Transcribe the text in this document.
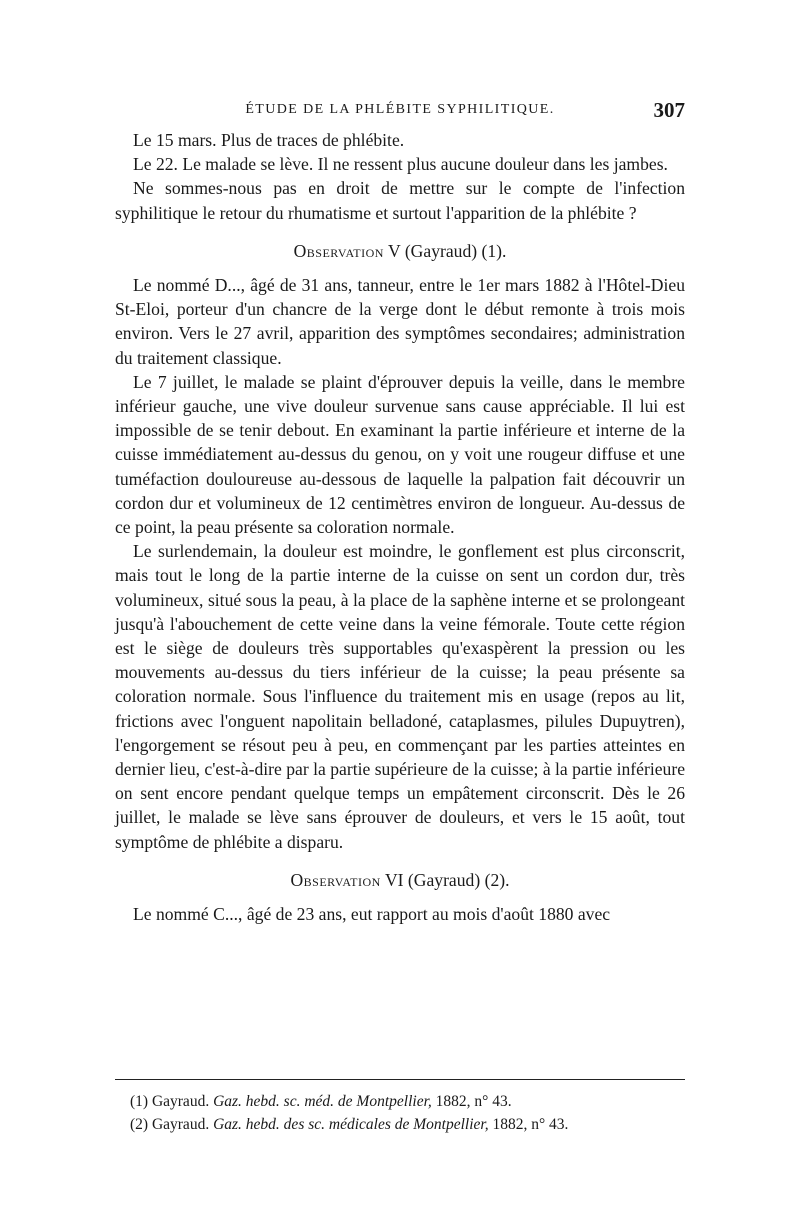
ÉTUDE DE LA PHLÉBITE SYPHILITIQUE.	307

Le 15 mars. Plus de traces de phlébite.

Le 22. Le malade se lève. Il ne ressent plus aucune douleur dans les jambes.

Ne sommes-nous pas en droit de mettre sur le compte de l'infection syphilitique le retour du rhumatisme et surtout l'apparition de la phlébite ?

Observation V (Gayraud) (1).

Le nommé D..., âgé de 31 ans, tanneur, entre le 1er mars 1882 à l'Hôtel-Dieu St-Eloi, porteur d'un chancre de la verge dont le début remonte à trois mois environ. Vers le 27 avril, apparition des symptômes secondaires; administration du traitement classique.

Le 7 juillet, le malade se plaint d'éprouver depuis la veille, dans le membre inférieur gauche, une vive douleur survenue sans cause appréciable. Il lui est impossible de se tenir debout. En examinant la partie inférieure et interne de la cuisse immédiatement au-dessus du genou, on y voit une rougeur diffuse et une tuméfaction douloureuse au-dessous de laquelle la palpation fait découvrir un cordon dur et volumineux de 12 centimètres environ de longueur. Au-dessus de ce point, la peau présente sa coloration normale.

Le surlendemain, la douleur est moindre, le gonflement est plus circonscrit, mais tout le long de la partie interne de la cuisse on sent un cordon dur, très volumineux, situé sous la peau, à la place de la saphène interne et se prolongeant jusqu'à l'abouchement de cette veine dans la veine fémorale. Toute cette région est le siège de douleurs très supportables qu'exaspèrent la pression ou les mouvements au-dessus du tiers inférieur de la cuisse; la peau présente sa coloration normale. Sous l'influence du traitement mis en usage (repos au lit, frictions avec l'onguent napolitain belladoné, cataplasmes, pilules Dupuytren), l'engorgement se résout peu à peu, en commençant par les parties atteintes en dernier lieu, c'est-à-dire par la partie supérieure de la cuisse; à la partie inférieure on sent encore pendant quelque temps un empâtement circonscrit. Dès le 26 juillet, le malade se lève sans éprouver de douleurs, et vers le 15 août, tout symptôme de phlébite a disparu.

Observation VI (Gayraud) (2).

Le nommé C..., âgé de 23 ans, eut rapport au mois d'août 1880 avec

(1) Gayraud. Gaz. hebd. sc. méd. de Montpellier, 1882, n° 43.

(2) Gayraud. Gaz. hebd. des sc. médicales de Montpellier, 1882, n° 43.
